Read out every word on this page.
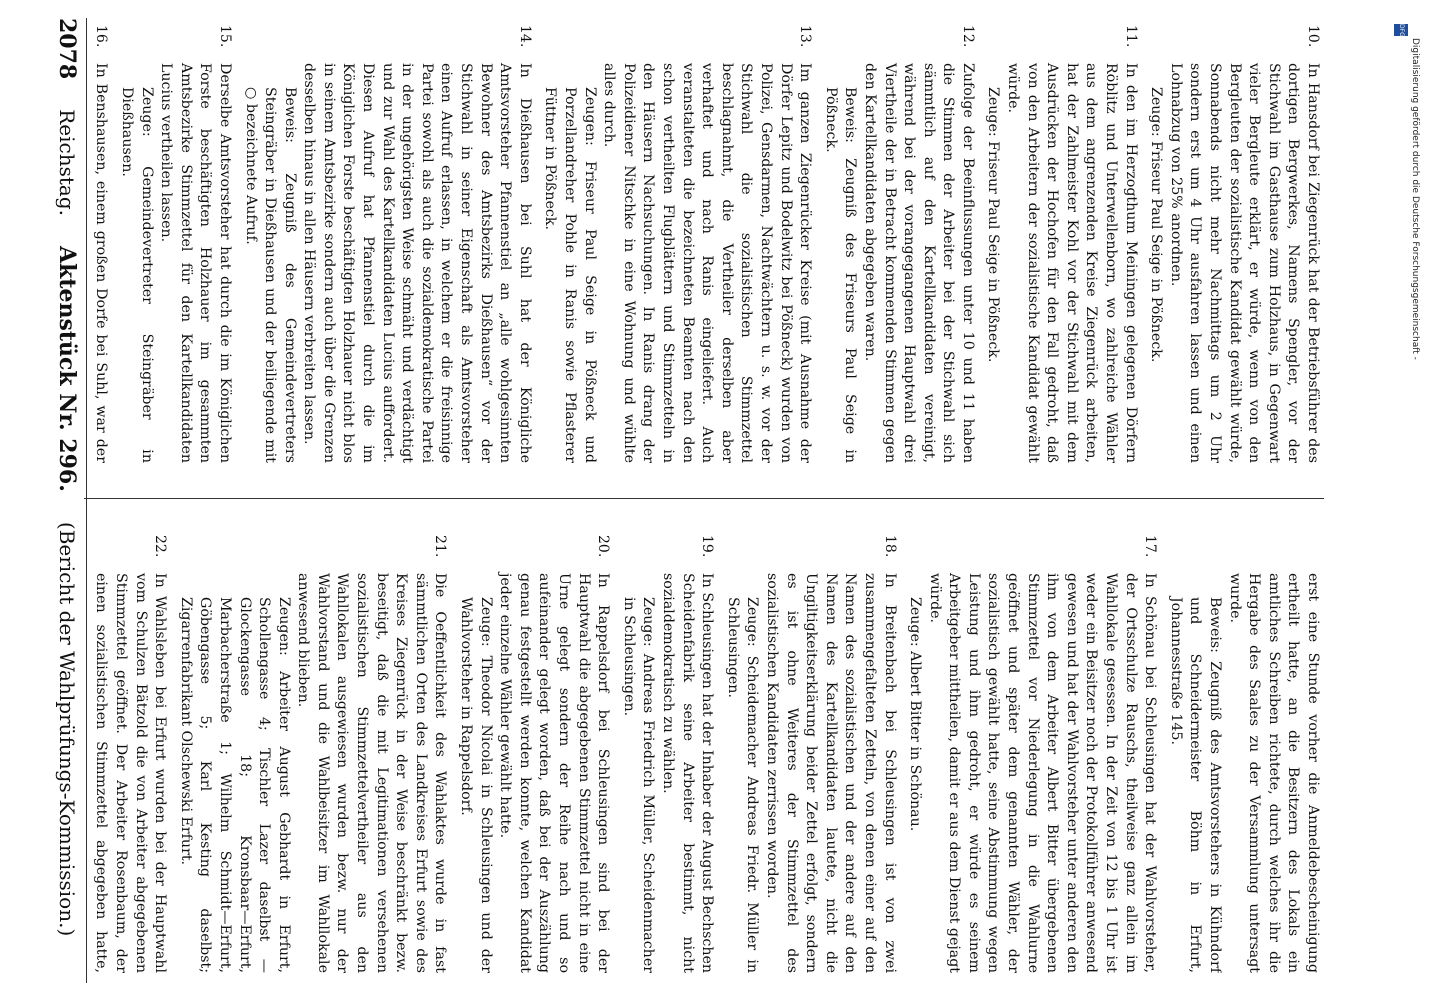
DFG
Digitalisierung gefördert durch die Deutsche Forschungsgemeinschaft -
10.

In Hansdorf bei Ziegenrück hat der Betriebsführer des dortigen Bergwerkes, Namens Spengler, vor der Stichwahl im Gasthause zum Holzhaus, in Gegenwart vieler Bergleute erklärt, er würde, wenn von den Bergleuten der sozialistische Kandidat gewählt würde, Sonnabends nicht mehr Nachmittags um 2 Uhr sondern erst um 4 Uhr ausfahren lassen und einen Lohnabzug von 25% anordnen.

Zeuge: Friseur Paul Seige in Pößneck.

11.

In den im Herzogthum Meiningen gelegenen Dörfern Röblitz und Unterwellenborn, wo zahlreiche Wähler aus dem angrenzenden Kreise Ziegenrück arbeiten, hat der Zahlmeister Kohl vor der Stichwahl mit dem Ausdrücken der Hochofen für den Fall gedroht, daß von den Arbeitern der sozialistische Kandidat gewählt würde.

Zeuge: Friseur Paul Seige in Pößneck.

12.

Zufolge der Beeinflussungen unter 10 und 11 haben die Stimmen der Arbeiter bei der Stichwahl sich sämmtlich auf den Kartellkandidaten vereinigt, während bei der vorangegangenen Hauptwahl drei Viertheile der in Betracht kommenden Stimmen gegen den Kartellkandidaten abgegeben waren.

Beweis: Zeugniß des Friseurs Paul Seige in Pößneck.

13.

Im ganzen Ziegenrücker Kreise (mit Ausnahme der Dörfer Lepitz und Bodelwitz bei Pößneck) wurden von Polizei, Gensdarmen, Nachtwächtern u. s. w. vor der Stichwahl die sozialistischen Stimmzettel beschlagnahmt, die Vertheiler derselben aber verhaftet und nach Ranis eingeliefert. Auch veranstalteten die bezeichneten Beamten nach den schon vertheilten Flugblättern und Stimmzetteln in den Häusern Nachsuchungen. In Ranis drang der Polizeidiener Nitschke in eine Wohnung und wühlte alles durch.

Zeugen: Friseur Paul Seige in Pößneck und Porzellandreher Pohle in Ranis sowie Pflasterer Füttner in Pößneck.

14.

In Dießhausen bei Suhl hat der Königliche Amtsvorsteher Pfannenstiel an „alle wohlgesinnten Bewohner des Amtsbezirks Dießhausen“ vor der Stichwahl in seiner Eigenschaft als Amtsvorsteher einen Aufruf erlassen, in welchem er die freisinnige Partei sowohl als auch die sozialdemokratische Partei in der ungehörigsten Weise schmäht und verdächtigt und zur Wahl des Kartellkandidaten Lucius auffordert. Diesen Aufruf hat Pfannenstiel durch die im Königlichen Forste beschäftigten Holzhauer nicht blos in seinem Amtsbezirke sondern auch über die Grenzen desselben hinaus in allen Häusern verbreiten lassen.

Beweis: Zeugniß des Gemeindevertreters Steingräber in Dießhausen und der beiliegende mit ○ bezeichnete Aufruf.

15.

Derselbe Amtsvorsteher hat durch die im Königlichen Forste beschäftigten Holzhauer im gesammten Amtsbezirke Stimmzettel für den Kartellkandidaten Lucius vertheilen lassen.

Zeuge: Gemeindevertreter Steingräber in Dießhausen.

16.

In Benshausen, einem großen Dorfe bei Suhl, war der

erst eine Stunde vorher die Anmeldebescheinigung ertheilt hatte, an die Besitzern des Lokals ein amtliches Schreiben richtete, durch welches ihr die Hergabe des Saales zu der Versammlung untersagt wurde.

Beweis: Zeugniß des Amtsvorstehers in Kühndorf und Schneidermeister Böhm in Erfurt, Johannesstraße 145.

17.

In Schönau bei Schleusingen hat der Wahlvorsteher, der Ortsschulze Rauschs, theilweise ganz allein im Wahllokale gesessen. In der Zeit von 12 bis 1 Uhr ist weder ein Beisitzer noch der Protokollführer anwesend gewesen und hat der Wahlvorsteher unter anderen den ihm von dem Arbeiter Albert Bitter übergebenen Stimmzettel vor Niederlegung in die Wahlurne geöffnet und später dem genannten Wähler, der sozialistisch gewählt hatte, seine Abstimmung wegen Leistung und ihm gedroht, er würde es seinem Arbeitgeber mittheilen, damit er aus dem Dienst gejagt würde.

Zeuge: Albert Bitter in Schönau.

18.

In Breitenbach bei Schleusingen ist von zwei zusammengefalteten Zetteln, von denen einer auf den Namen des sozialistischen und der andere auf den Namen des Kartellkandidaten lautete, nicht die Ungiltigkeitserklärung beider Zettel erfolgt, sondern es ist ohne Weiteres der Stimmzettel des sozialistischen Kandidaten zerrissen worden.

Zeuge: Scheidemacher Andreas Friedr. Müller in Schleusingen.

19.

In Schleusingen hat der Inhaber der August Bechschen Scheidenfabrik seine Arbeiter bestimmt, nicht sozialdemokratisch zu wählen.

Zeuge: Andreas Friedrich Müller, Scheidenmacher in Schleusingen.

20.

In Rappelsdorf bei Schleusingen sind bei der Hauptwahl die abgegebenen Stimmzettel nicht in eine Urne gelegt sondern der Reihe nach und so aufeinander gelegt worden, daß bei der Auszählung genau festgestellt werden konnte, welchen Kandidat jeder einzelne Wähler gewählt hatte.

Zeuge: Theodor Nicolai in Schleusingen und der Wahlvorsteher in Rappelsdorf.

21.

Die Oeffentlichkeit des Wahlaktes wurde in fast sämmtlichen Orten des Landkreises Erfurt sowie des Kreises Ziegenrück in der Weise beschränkt bezw. beseitigt, daß die mit Legitimationen versehenen sozialistischen Stimmzettelvertheiler aus den Wahllokalen ausgewiesen wurden bezw. nur der Wahlvorstand und die Wahlbeisitzer im Wahllokale anwesend blieben.

Zeugen: Arbeiter August Gebhardt in Erfurt, Schollengasse 4; Tischler Lazer daselbst — Glockengasse 18; Kronsbaar—Erfurt, Marbacherstraße 1; Wilhelm Schmidt—Erfurt, Göbengasse 5; Karl Kesting daselbst; Zigarrenfabrikant Olschewski Erfurt.

22.

In Wahlsleben bei Erfurt wurden bei der Hauptwahl vom Schulzen Bätzold die von Arbeiter abgegebenen Stimmzettel geöffnet. Der Arbeiter Rosenbaum, der einen sozialistischen Stimmzettel abgegeben hatte,

2078
Reichstag.
Aktenstück Nr. 296.
(Bericht der Wahlprüfungs-Kommission.)
